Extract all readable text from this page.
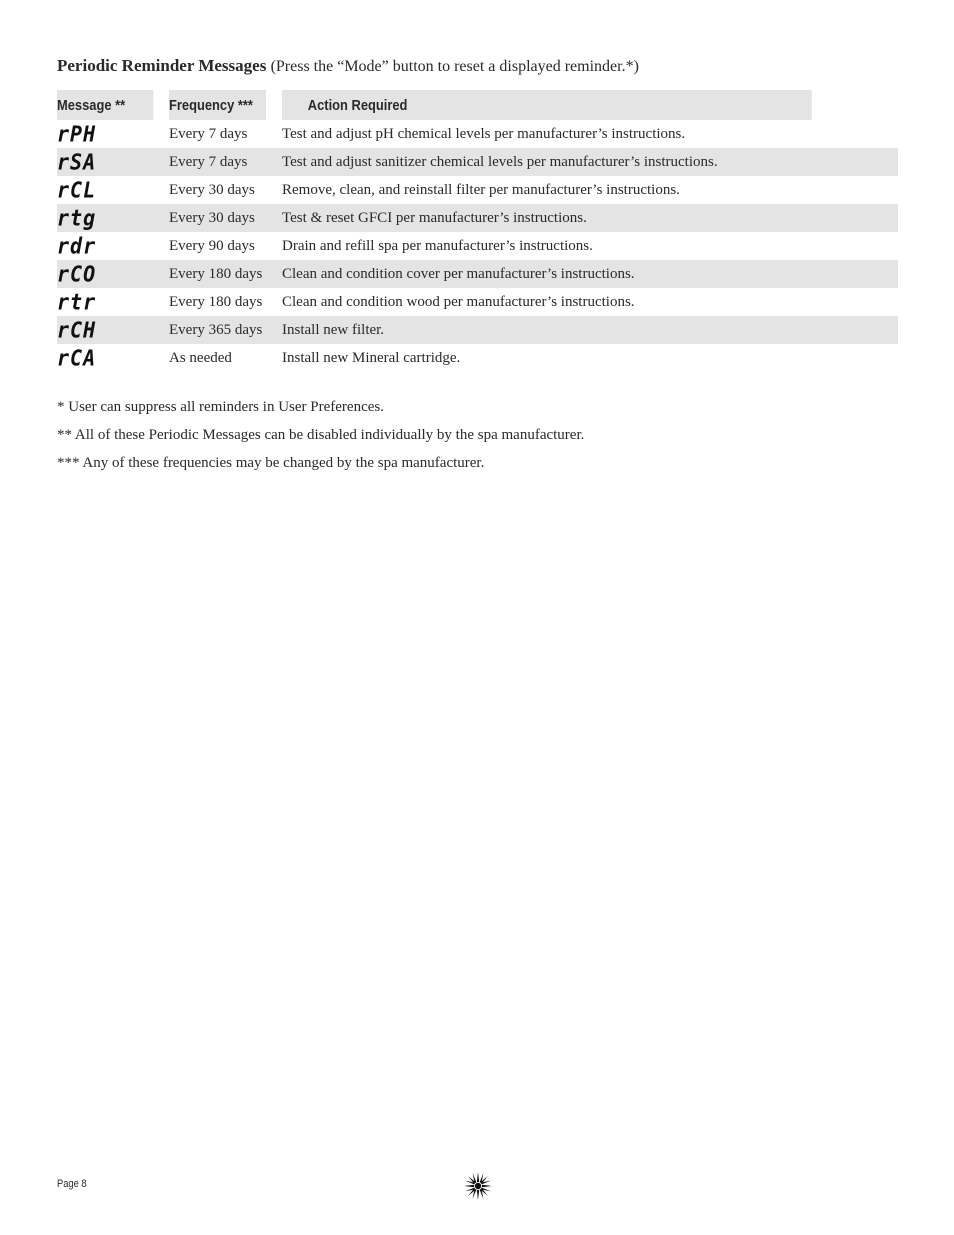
Periodic Reminder Messages (Press the “Mode” button to reset a displayed reminder.*)
Message **	Frequency ***	Action Required
rPH	Every 7 days	Test and adjust pH chemical levels per manufacturer’s instructions.
rSA	Every 7 days	Test and adjust sanitizer chemical levels per manufacturer’s instructions.
rCL	Every 30 days	Remove, clean, and reinstall filter per manufacturer’s instructions.
rtg	Every 30 days	Test & reset GFCI per manufacturer’s instructions.
rdr	Every 90 days	Drain and refill spa per manufacturer’s instructions.
rCO	Every 180 days	Clean and condition cover per manufacturer’s instructions.
rtr	Every 180 days	Clean and condition wood per manufacturer’s instructions.
rCH	Every 365 days	Install new filter.
rCA	As needed	Install new Mineral cartridge.
* User can suppress all reminders in User Preferences.
** All of these Periodic Messages can be disabled individually by the spa manufacturer.
*** Any of these frequencies may be changed by the spa manufacturer.
Page 8
